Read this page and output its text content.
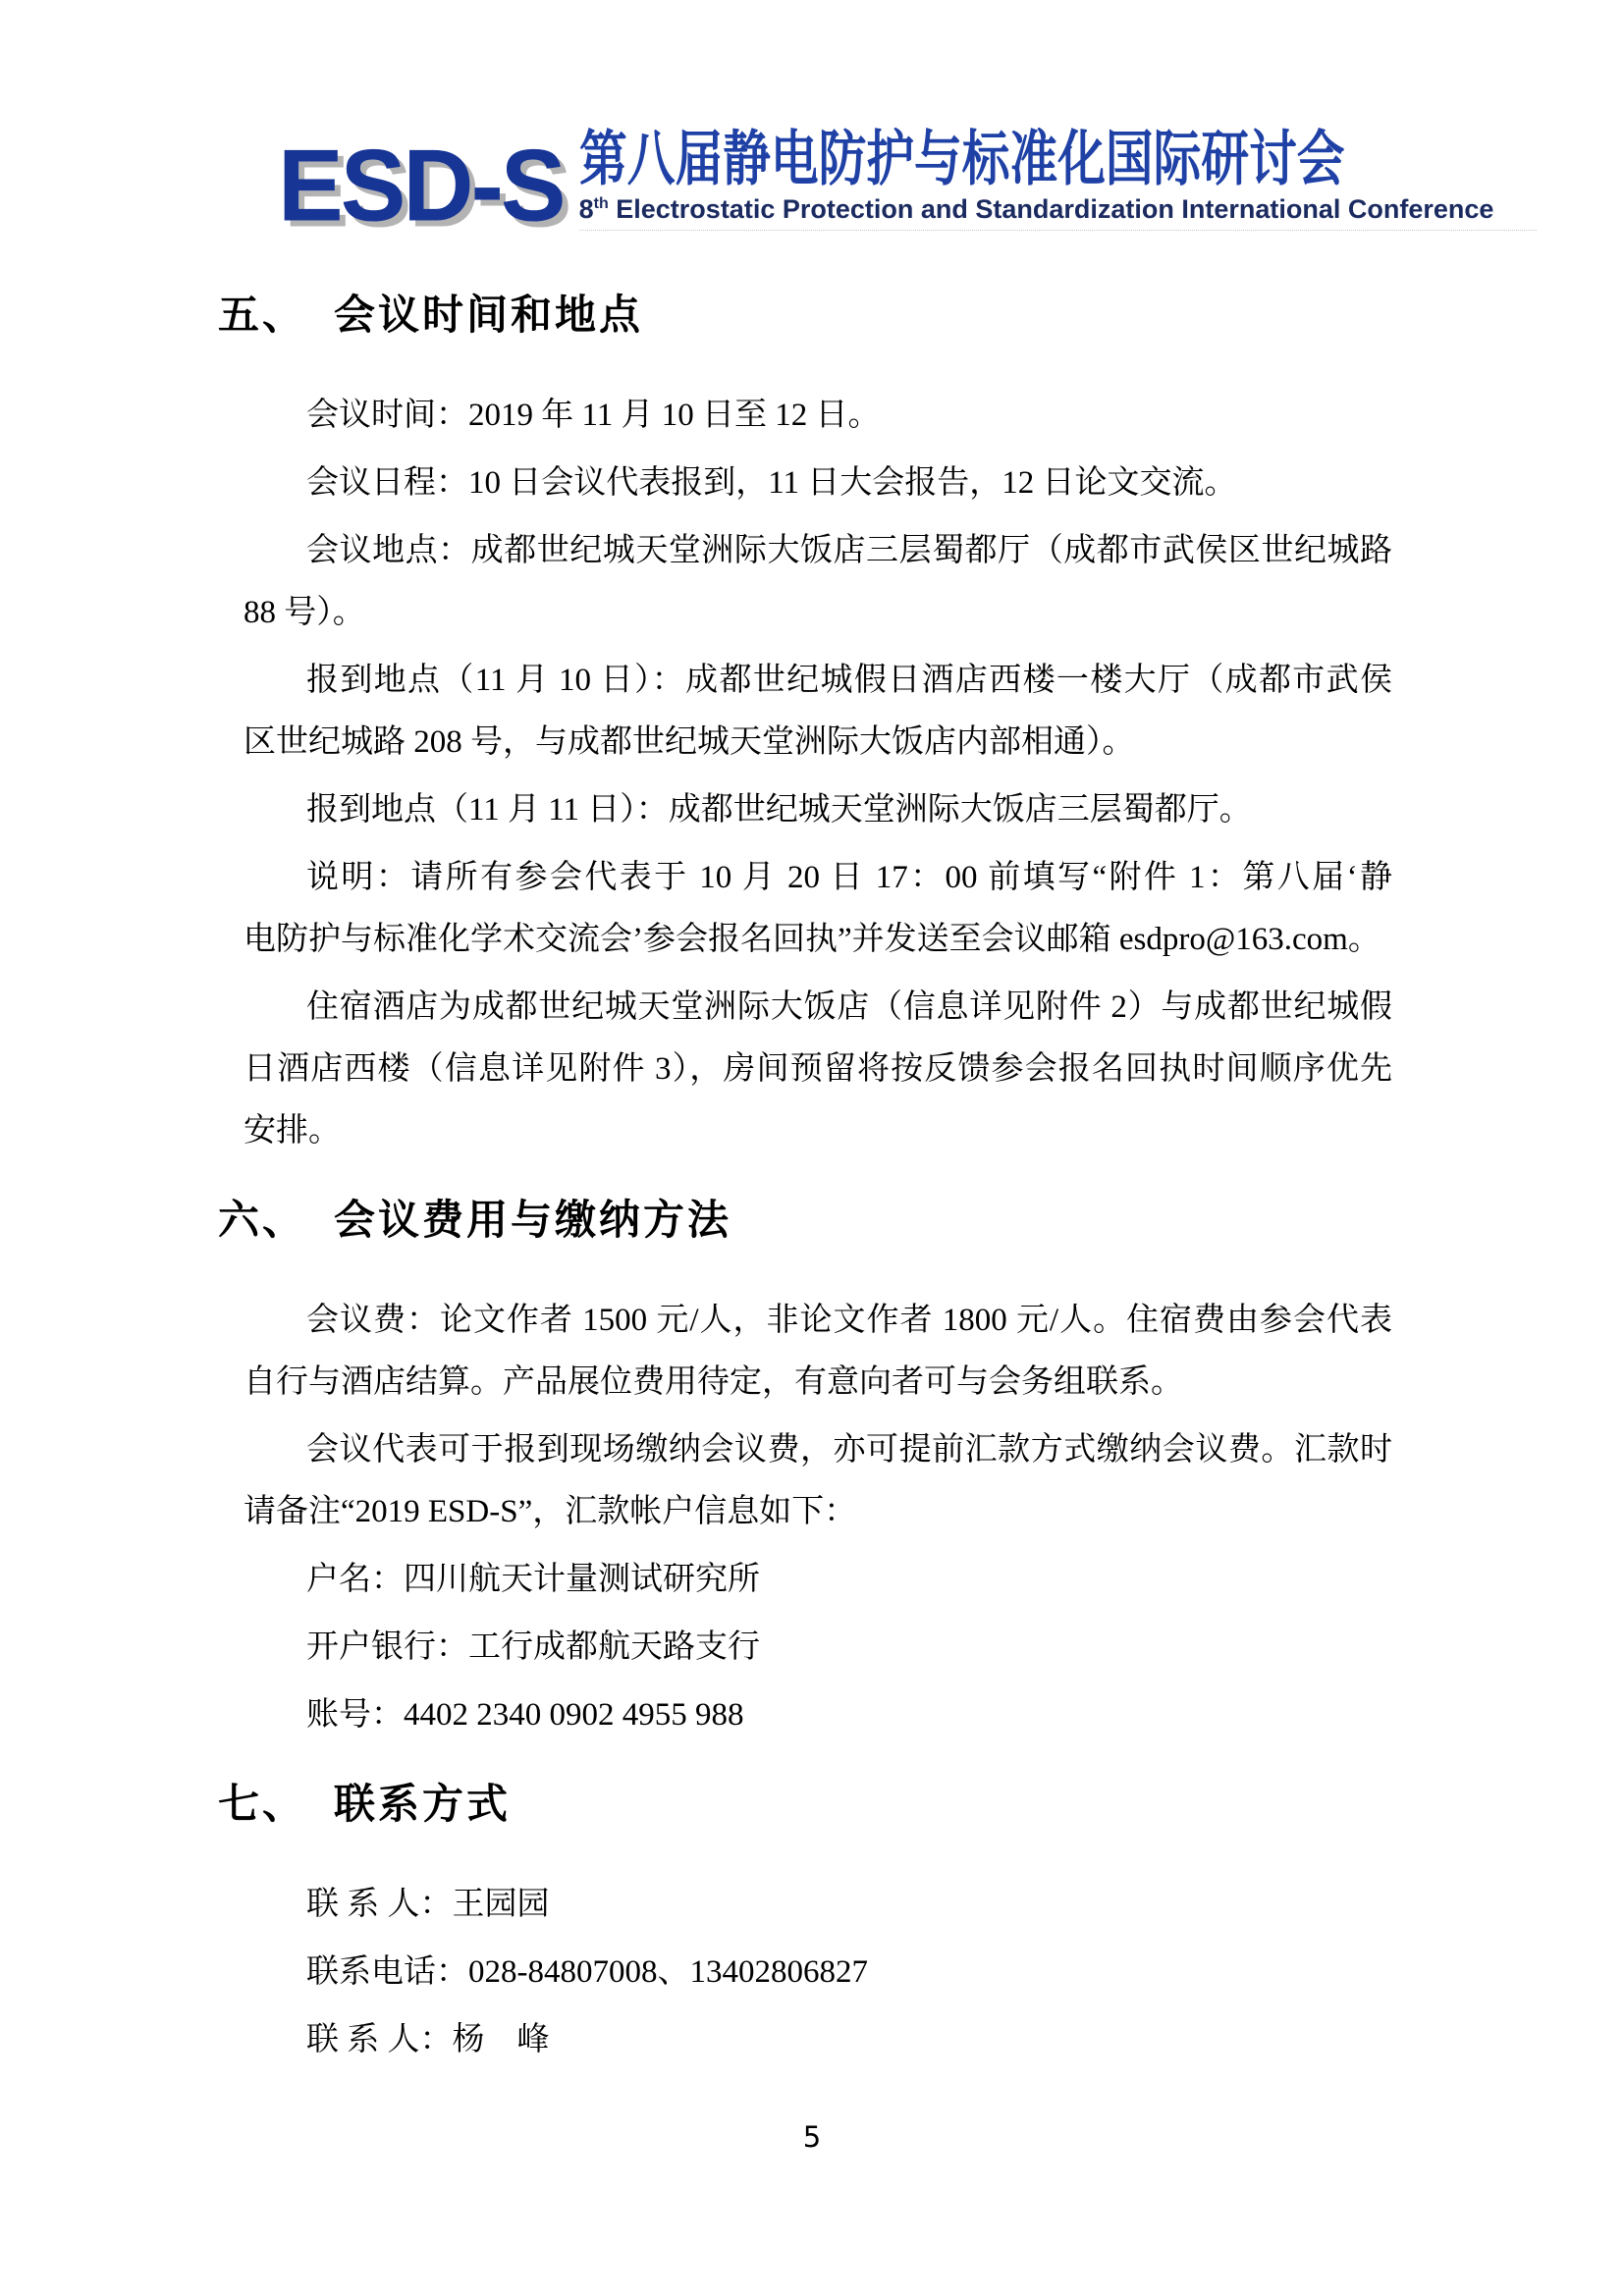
ESD-S 第八届静电防护与标准化国际研讨会
8th Electrostatic Protection and Standardization International Conference
五、 会议时间和地点

会议时间：2019 年 11 月 10 日至 12 日。

会议日程：10 日会议代表报到，11 日大会报告，12 日论文交流。

会议地点：成都世纪城天堂洲际大饭店三层蜀都厅（成都市武侯区世纪城路

88 号）。

报到地点（11 月 10 日）：成都世纪城假日酒店西楼一楼大厅（成都市武侯

区世纪城路 208 号，与成都世纪城天堂洲际大饭店内部相通）。

报到地点（11 月 11 日）：成都世纪城天堂洲际大饭店三层蜀都厅。

说明：请所有参会代表于 10 月 20 日 17：00 前填写“附件 1：第八届‘静

电防护与标准化学术交流会’参会报名回执”并发送至会议邮箱 esdpro@163.com。

住宿酒店为成都世纪城天堂洲际大饭店（信息详见附件 2）与成都世纪城假

日酒店西楼（信息详见附件 3），房间预留将按反馈参会报名回执时间顺序优先

安排。

六、 会议费用与缴纳方法

会议费：论文作者 1500 元/人，非论文作者 1800 元/人。住宿费由参会代表

自行与酒店结算。产品展位费用待定，有意向者可与会务组联系。

会议代表可于报到现场缴纳会议费，亦可提前汇款方式缴纳会议费。汇款时

请备注“2019 ESD-S”，汇款帐户信息如下：

户名：四川航天计量测试研究所

开户银行：工行成都航天路支行

账号：4402 2340 0902 4955 988

七、 联系方式

联 系 人：王园园

联系电话：028-84807008、13402806827

联 系 人：杨　峰

5
